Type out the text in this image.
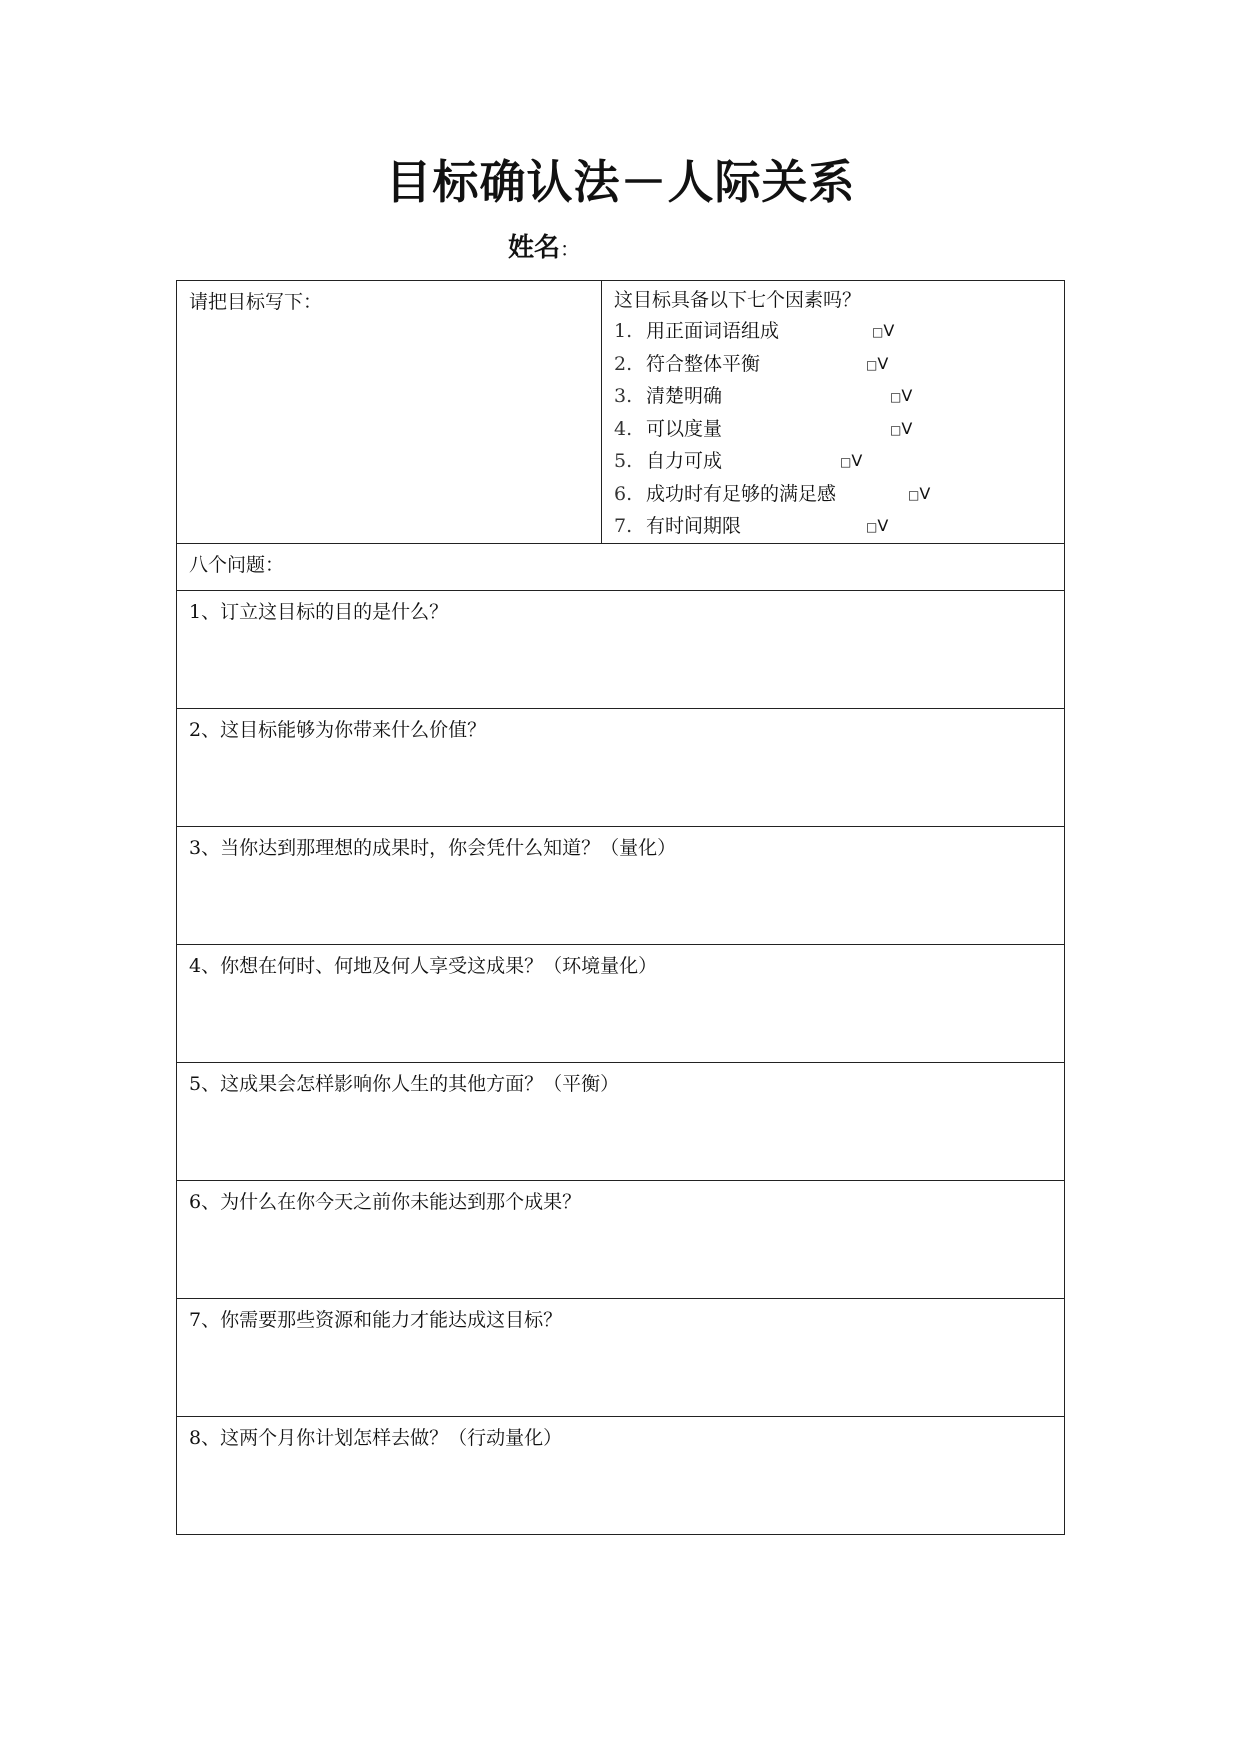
目标确认法－人际关系
姓名：
请把目标写下：	这目标具备以下七个因素吗？
1. 用正面词语组成	□V
2. 符合整体平衡	□V
3. 清楚明确	□V
4. 可以度量	□V
5. 自力可成	□V
6. 成功时有足够的满足感	□V
7. 有时间期限	□V

八个问题：

1、订立这目标的目的是什么？

2、这目标能够为你带来什么价值？

3、当你达到那理想的成果时，你会凭什么知道？（量化）

4、你想在何时、何地及何人享受这成果？（环境量化）

5、这成果会怎样影响你人生的其他方面？（平衡）

6、为什么在你今天之前你未能达到那个成果？

7、你需要那些资源和能力才能达成这目标？

8、这两个月你计划怎样去做？（行动量化）
